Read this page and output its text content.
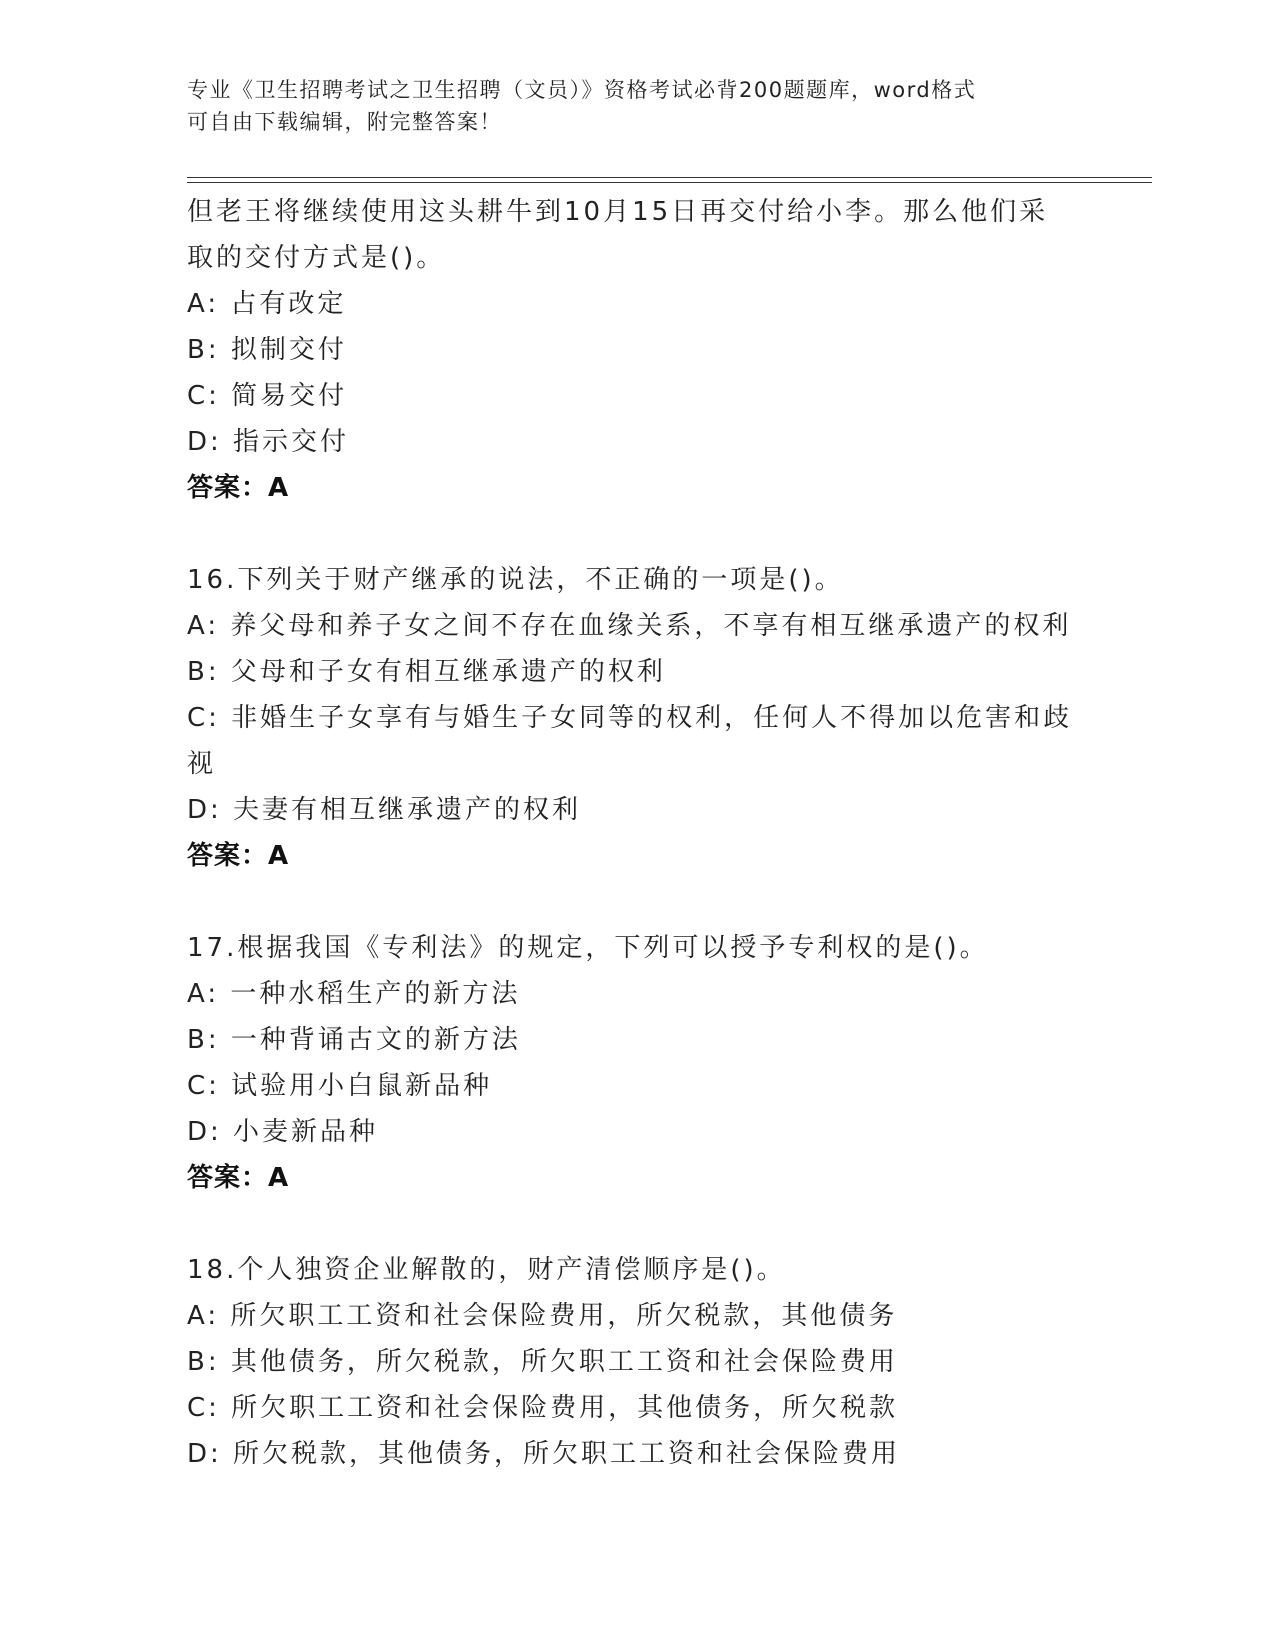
专业《卫生招聘考试之卫生招聘（文员）》资格考试必背200题题库，word格式
可自由下载编辑，附完整答案！
但老王将继续使用这头耕牛到10月15日再交付给小李。那么他们采
取的交付方式是()。
A: 占有改定
B: 拟制交付
C: 简易交付
D: 指示交付
答案：A
16.下列关于财产继承的说法，不正确的一项是()。
A: 养父母和养子女之间不存在血缘关系，不享有相互继承遗产的权利
B: 父母和子女有相互继承遗产的权利
C: 非婚生子女享有与婚生子女同等的权利，任何人不得加以危害和歧
视
D: 夫妻有相互继承遗产的权利
答案：A
17.根据我国《专利法》的规定，下列可以授予专利权的是()。
A: 一种水稻生产的新方法
B: 一种背诵古文的新方法
C: 试验用小白鼠新品种
D: 小麦新品种
答案：A
18.个人独资企业解散的，财产清偿顺序是()。
A: 所欠职工工资和社会保险费用，所欠税款，其他债务
B: 其他债务，所欠税款，所欠职工工资和社会保险费用
C: 所欠职工工资和社会保险费用，其他债务，所欠税款
D: 所欠税款，其他债务，所欠职工工资和社会保险费用
